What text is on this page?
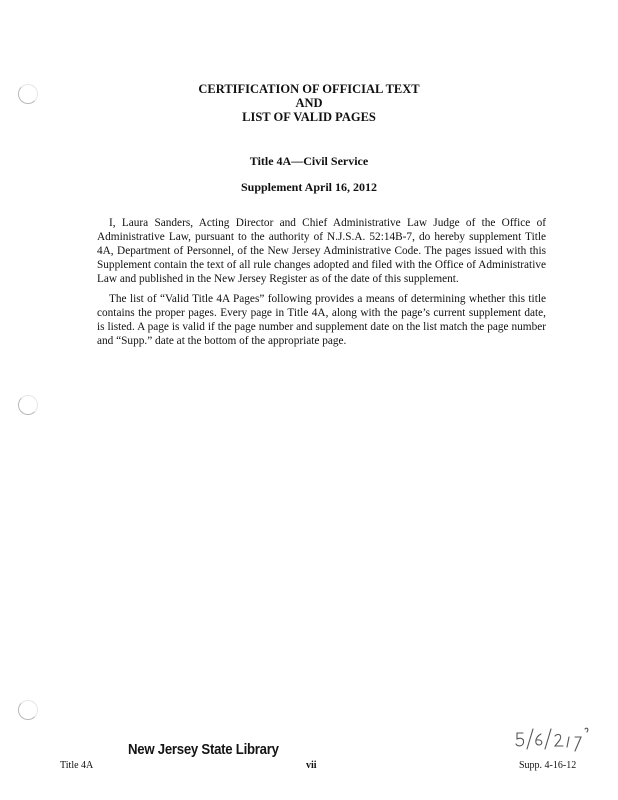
CERTIFICATION OF OFFICIAL TEXT
AND
LIST OF VALID PAGES
Title 4A—Civil Service
Supplement April 16, 2012

I, Laura Sanders, Acting Director and Chief Administrative Law Judge of the Office of Administrative Law, pursuant to the authority of N.J.S.A. 52:14B-7, do hereby supplement Title 4A, Department of Personnel, of the New Jersey Administrative Code. The pages issued with this Supplement contain the text of all rule changes adopted and filed with the Office of Administrative Law and published in the New Jersey Register as of the date of this supplement.

The list of “Valid Title 4A Pages” following provides a means of determining whether this title contains the proper pages. Every page in Title 4A, along with the page’s current supplement date, is listed. A page is valid if the page number and supplement date on the list match the page number and “Supp.” date at the bottom of the appropriate page.

New Jersey State Library
Title 4A	vii	Supp. 4-16-12
